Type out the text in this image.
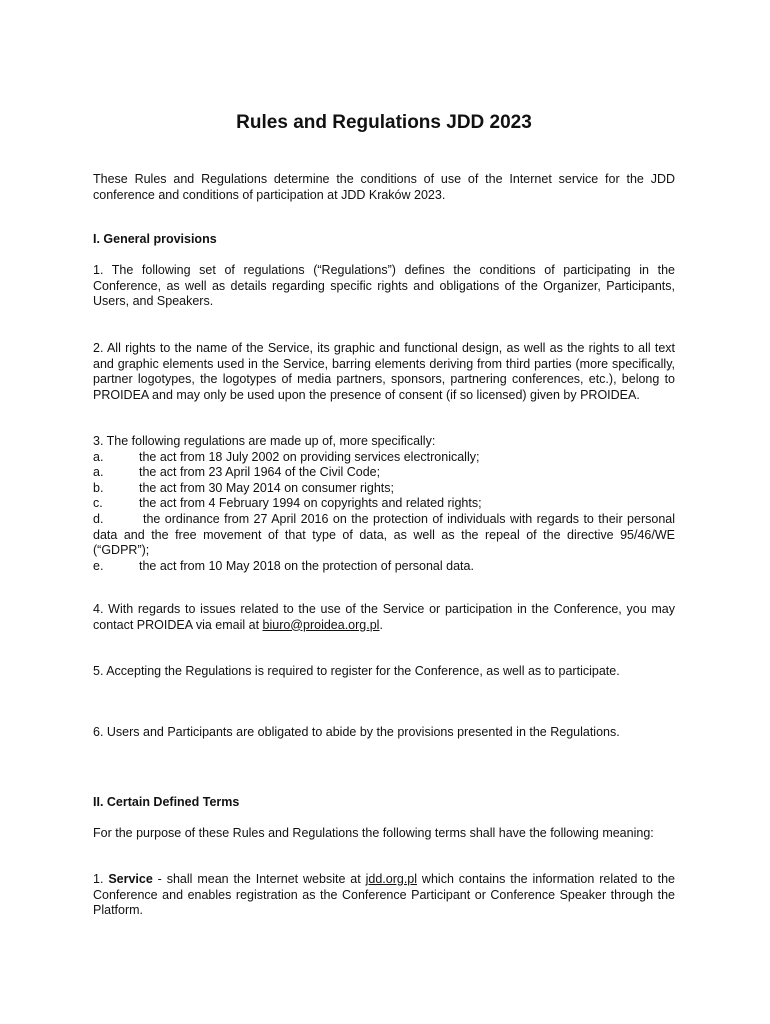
Rules and Regulations JDD 2023

These Rules and Regulations determine the conditions of use of the Internet service for the JDD conference and conditions of participation at JDD Kraków 2023.

I. General provisions

1. The following set of regulations (“Regulations”) defines the conditions of participating in the Conference, as well as details regarding specific rights and obligations of the Organizer, Participants, Users, and Speakers.

2. All rights to the name of the Service, its graphic and functional design, as well as the rights to all text and graphic elements used in the Service, barring elements deriving from third parties (more specifically, partner logotypes, the logotypes of media partners, sponsors, partnering conferences, etc.), belong to PROIDEA and may only be used upon the presence of consent (if so licensed) given by PROIDEA.

3. The following regulations are made up of, more specifically:
a.	the act from 18 July 2002 on providing services electronically;
a.	the act from 23 April 1964 of the Civil Code;
b.	the act from 30 May 2014 on consumer rights;
c.	the act from 4 February 1994 on copyrights and related rights;
d.	the ordinance from 27 April 2016 on the protection of individuals with regards to their personal data and the free movement of that type of data, as well as the repeal of the directive 95/46/WE (“GDPR”);
e.	the act from 10 May 2018 on the protection of personal data.

4. With regards to issues related to the use of the Service or participation in the Conference, you may contact PROIDEA via email at biuro@proidea.org.pl.

5. Accepting the Regulations is required to register for the Conference, as well as to participate.

6. Users and Participants are obligated to abide by the provisions presented in the Regulations.

II. Certain Defined Terms

For the purpose of these Rules and Regulations the following terms shall have the following meaning:

1. Service - shall mean the Internet website at jdd.org.pl which contains the information related to the Conference and enables registration as the Conference Participant or Conference Speaker through the Platform.
